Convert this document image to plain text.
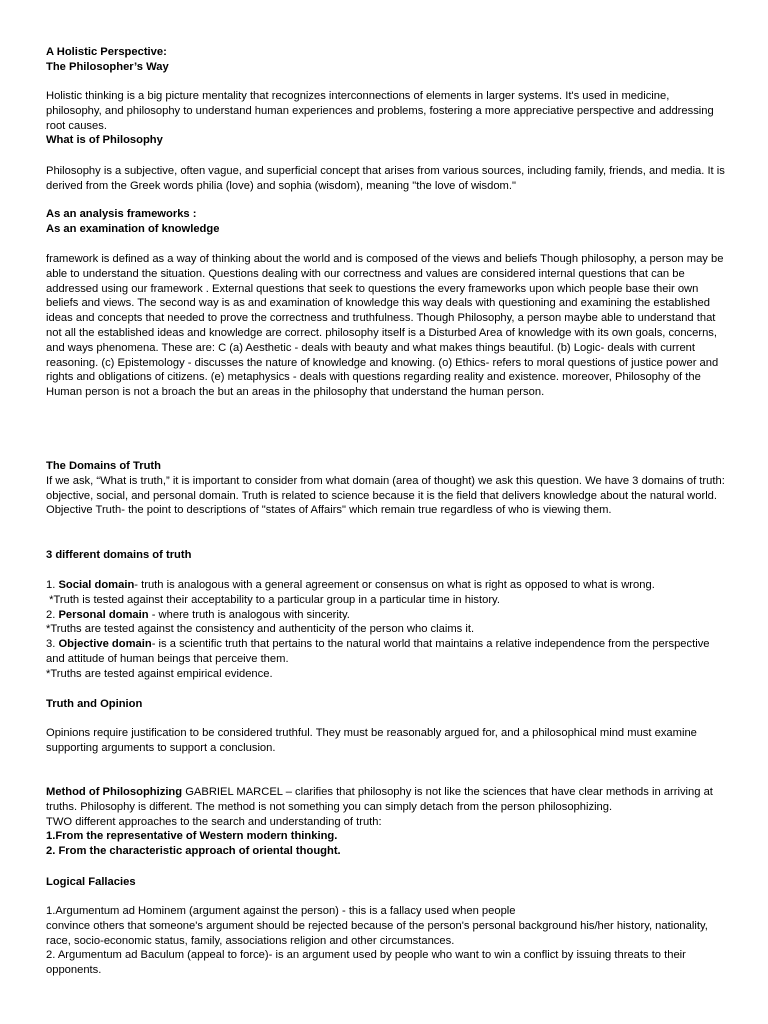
A Holistic Perspective:
The Philosopher’s Way

Holistic thinking is a big picture mentality that recognizes interconnections of elements in larger systems. It's used in medicine, philosophy, and philosophy to understand human experiences and problems, fostering a more appreciative perspective and addressing root causes.

What is of Philosophy

Philosophy is a subjective, often vague, and superficial concept that arises from various sources, including family, friends, and media. It is derived from the Greek words philia (love) and sophia (wisdom), meaning "the love of wisdom."

As an analysis frameworks :
As an examination of knowledge

framework is defined as a way of thinking about the world and is composed of the views and beliefs Though philosophy, a person may be able to understand the situation. Questions dealing with our correctness and values are considered internal questions that can be addressed using our framework . External questions that seek to questions the every frameworks upon which people base their own beliefs and views. The second way is as and examination of knowledge this way deals with questioning and examining the established ideas and concepts that needed to prove the correctness and truthfulness. Though Philosophy, a person maybe able to understand that not all the established ideas and knowledge are correct. philosophy itself is a Disturbed Area of knowledge with its own goals, concerns, and ways phenomena. These are: C (a) Aesthetic - deals with beauty and what makes things beautiful. (b) Logic- deals with current reasoning. (c) Epistemology - discusses the nature of knowledge and knowing. (o) Ethics- refers to moral questions of justice power and rights and obligations of citizens. (e) metaphysics - deals with questions regarding reality and existence. moreover, Philosophy of the Human person is not a broach the but an areas in the philosophy that understand the human person.

The Domains of Truth

If we ask, “What is truth,” it is important to consider from what domain (area of thought) we ask this question. We have 3 domains of truth: objective, social, and personal domain. Truth is related to science because it is the field that delivers knowledge about the natural world. Objective Truth- the point to descriptions of "states of Affairs" which remain true regardless of who is viewing them.

3 different domains of truth

1. Social domain- truth is analogous with a general agreement or consensus on what is right as opposed to what is wrong.
*Truth is tested against their acceptability to a particular group in a particular time in history.
2. Personal domain - where truth is analogous with sincerity.
*Truths are tested against the consistency and authenticity of the person who claims it.
3. Objective domain- is a scientific truth that pertains to the natural world that maintains a relative independence from the perspective and attitude of human beings that perceive them.
*Truths are tested against empirical evidence.

Truth and Opinion

Opinions require justification to be considered truthful. They must be reasonably argued for, and a philosophical mind must examine supporting arguments to support a conclusion.

Method of Philosophizing GABRIEL MARCEL – clarifies that philosophy is not like the sciences that have clear methods in arriving at truths. Philosophy is different. The method is not something you can simply detach from the person philosophizing.

TWO different approaches to the search and understanding of truth:

1.From the representative of Western modern thinking.

2. From the characteristic approach of oriental thought.

Logical Fallacies

1.Argumentum ad Hominem (argument against the person) - this is a fallacy used when people

convince others that someone's argument should be rejected because of the person's personal background his/her history, nationality, race, socio-economic status, family, associations religion and other circumstances.

2. Argumentum ad Baculum (appeal to force)- is an argument used by people who want to win a conflict by issuing threats to their opponents.
